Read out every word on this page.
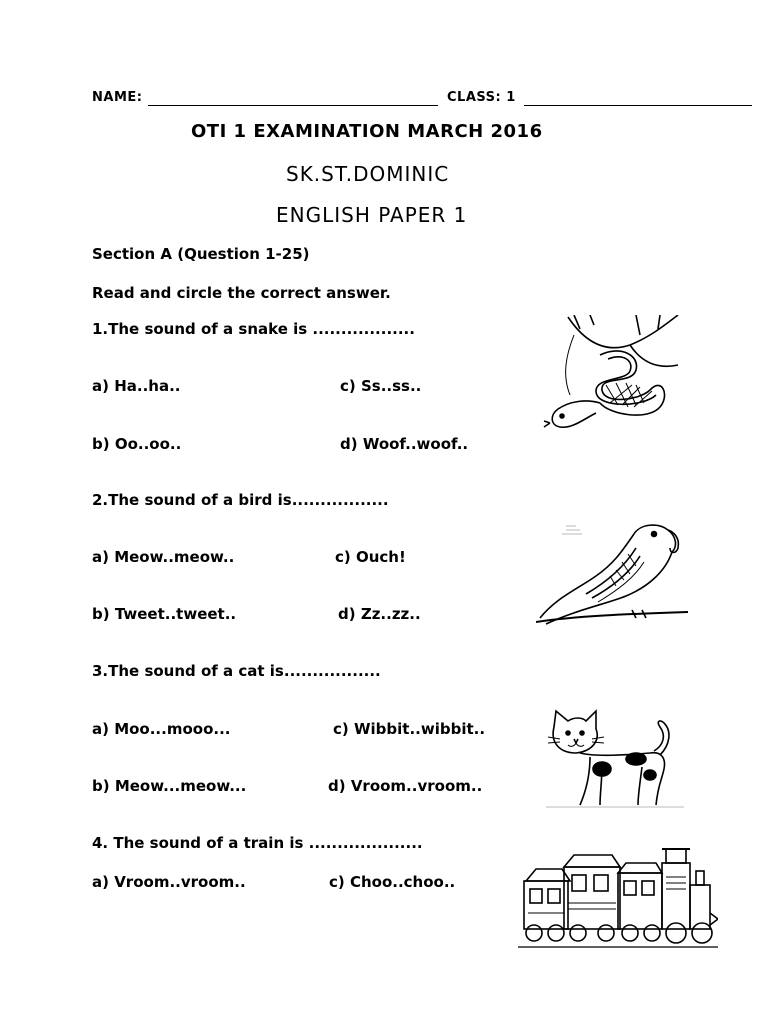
NAME:	CLASS: 1
OTI 1 EXAMINATION MARCH 2016
SK.ST.DOMINIC
ENGLISH PAPER 1
Section A (Question 1-25)
Read and circle the correct answer.
1.The sound of a snake is ..................
a) Ha..ha..	c) Ss..ss..
b) Oo..oo..	d) Woof..woof..
2.The sound of a bird is.................
a) Meow..meow..	c) Ouch!
b) Tweet..tweet..	d) Zz..zz..
3.The sound of a cat is.................
a) Moo...mooo...	c) Wibbit..wibbit..
b) Meow...meow...	d) Vroom..vroom..
4. The sound of a train is ....................
a) Vroom..vroom..	c) Choo..choo..
